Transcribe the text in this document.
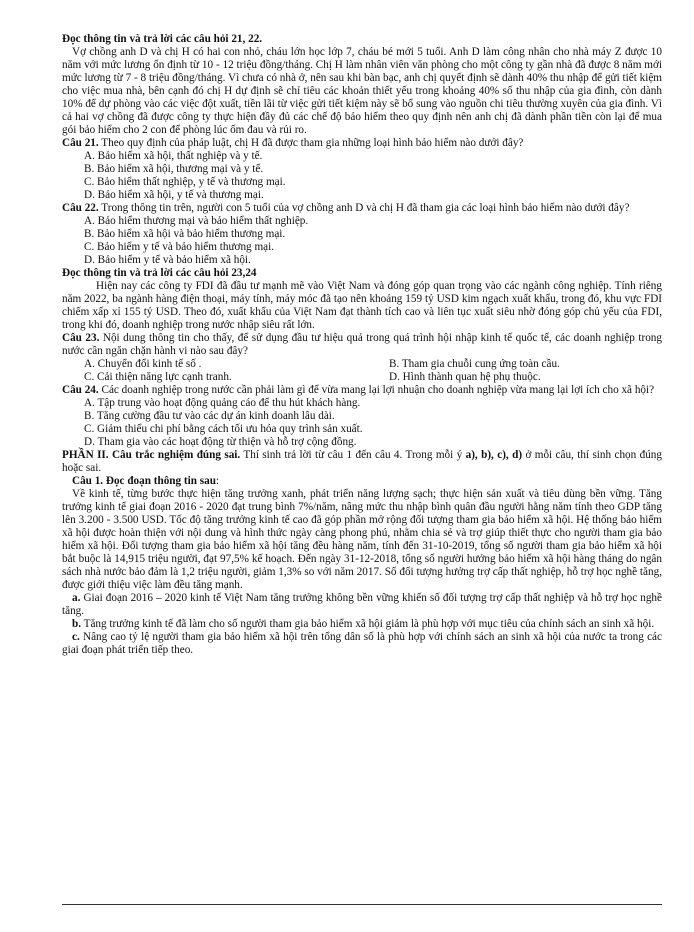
Đọc thông tin và trả lời các câu hỏi 21, 22.

Vợ chồng anh D và chị H có hai con nhỏ, cháu lớn học lớp 7, cháu bé mới 5 tuổi. Anh D làm công nhân cho nhà máy Z được 10 năm với mức lương ổn định từ 10 - 12 triệu đồng/tháng. Chị H làm nhân viên văn phòng cho một công ty gần nhà đã được 8 năm mới mức lương từ 7 - 8 triệu đồng/tháng. Vì chưa có nhà ở, nên sau khi bàn bạc, anh chị quyết định sẽ dành 40% thu nhập để gửi tiết kiệm cho việc mua nhà, bên cạnh đó chị H dự định sẽ chỉ tiêu các khoản thiết yếu trong khoảng 40% số thu nhập của gia đình, còn dành 10% để dự phòng vào các việc đột xuất, tiền lãi từ việc gửi tiết kiệm này sẽ bổ sung vào nguồn chi tiêu thường xuyên của gia đình. Vì cả hai vợ chồng đã được công ty thực hiện đầy đủ các chế độ bảo hiểm theo quy định nên anh chị đã dành phần tiền còn lại để mua gói bảo hiểm cho 2 con để phòng lúc ốm đau và rủi ro.

Câu 21. Theo quy định của pháp luật, chị H đã được tham gia những loại hình bảo hiểm nào dưới đây?

A. Bảo hiểm xã hội, thất nghiệp và y tế.

B. Bảo hiểm xã hội, thương mại và y tế.

C. Bảo hiểm thất nghiệp, y tế và thương mại.

D. Bảo hiểm xã hội, y tế và thương mại.

Câu 22. Trong thông tin trên, người con 5 tuổi của vợ chồng anh D và chị H đã tham gia các loại hình bảo hiểm nào dưới đây?

A. Bảo hiểm thương mại và bảo hiểm thất nghiệp.

B. Bảo hiểm xã hội và bảo hiểm thương mại.

C. Bảo hiểm y tế và bảo hiểm thương mại.

D. Bảo hiểm y tế và bảo hiểm xã hội.

Đọc thông tin và trả lời các câu hỏi 23,24

Hiện nay các công ty FDI đã đầu tư mạnh mẽ vào Việt Nam và đóng góp quan trọng vào các ngành công nghiệp. Tính riêng năm 2022, ba ngành hàng điện thoại, máy tính, máy móc đã tạo nên khoảng 159 tỷ USD kim ngạch xuất khẩu, trong đó, khu vực FDI chiếm xấp xỉ 155 tỷ USD. Theo đó, xuất khẩu của Việt Nam đạt thành tích cao và liên tục xuất siêu nhờ đóng góp chủ yếu của FDI, trong khi đó, doanh nghiệp trong nước nhập siêu rất lớn.

Câu 23. Nội dung thông tin cho thấy, để sử dụng đầu tư hiệu quả trong quá trình hội nhập kinh tế quốc tế, các doanh nghiệp trong nước cần ngăn chặn hành vi nào sau đây?

A. Chuyển đổi kinh tế số .	B. Tham gia chuỗi cung ứng toàn cầu.
C. Cải thiện năng lực cạnh tranh.	D. Hình thành quan hệ phụ thuộc.

Câu 24. Các doanh nghiệp trong nước cần phải làm gì để vừa mang lại lợi nhuận cho doanh nghiệp vừa mang lại lợi ích cho xã hội?

A. Tập trung vào hoạt động quảng cáo để thu hút khách hàng.

B. Tăng cường đầu tư vào các dự án kinh doanh lâu dài.

C. Giảm thiểu chi phí bằng cách tối ưu hóa quy trình sản xuất.

D. Tham gia vào các hoạt động từ thiện và hỗ trợ cộng đồng.

PHẦN II. Câu trắc nghiệm đúng sai. Thí sinh trả lời từ câu 1 đến câu 4. Trong mỗi ý a), b), c), d) ở mỗi câu, thí sinh chọn đúng hoặc sai.

Câu 1. Đọc đoạn thông tin sau:

Về kinh tế, từng bước thực hiện tăng trưởng xanh, phát triển năng lượng sạch; thực hiện sản xuất và tiêu dùng bền vững. Tăng trưởng kinh tế giai đoạn 2016 - 2020 đạt trung bình 7%/năm, nâng mức thu nhập bình quân đầu người hằng năm tính theo GDP tăng lên 3.200 - 3.500 USD. Tốc độ tăng trưởng kinh tế cao đã góp phần mở rộng đối tượng tham gia bảo hiểm xã hội. Hệ thống bảo hiểm xã hội được hoàn thiện với nội dung và hình thức ngày càng phong phú, nhằm chia sẻ và trợ giúp thiết thực cho người tham gia bảo hiểm xã hội. Đối tượng tham gia bảo hiểm xã hội tăng đều hàng năm, tính đến 31-10-2019, tổng số người tham gia bảo hiểm xã hội bắt buộc là 14,915 triệu người, đạt 97,5% kế hoạch. Đến ngày 31-12-2018, tổng số người hưởng bảo hiểm xã hội hàng tháng do ngân sách nhà nước bảo đảm là 1,2 triệu người, giảm 1,3% so với năm 2017. Số đối tượng hưởng trợ cấp thất nghiệp, hỗ trợ học nghề tăng, được giới thiệu việc làm đều tăng mạnh.

a. Giai đoạn 2016 – 2020 kinh tế Việt Nam tăng trưởng không bền vững khiến số đối tượng trợ cấp thất nghiệp và hỗ trợ học nghề tăng.

b. Tăng trưởng kinh tế đã làm cho số người tham gia bảo hiểm xã hội giảm là phù hợp với mục tiêu của chính sách an sinh xã hội.

c. Nâng cao tỷ lệ người tham gia bảo hiểm xã hội trên tổng dân số là phù hợp với chính sách an sinh xã hội của nước ta trong các giai đoạn phát triển tiếp theo.
